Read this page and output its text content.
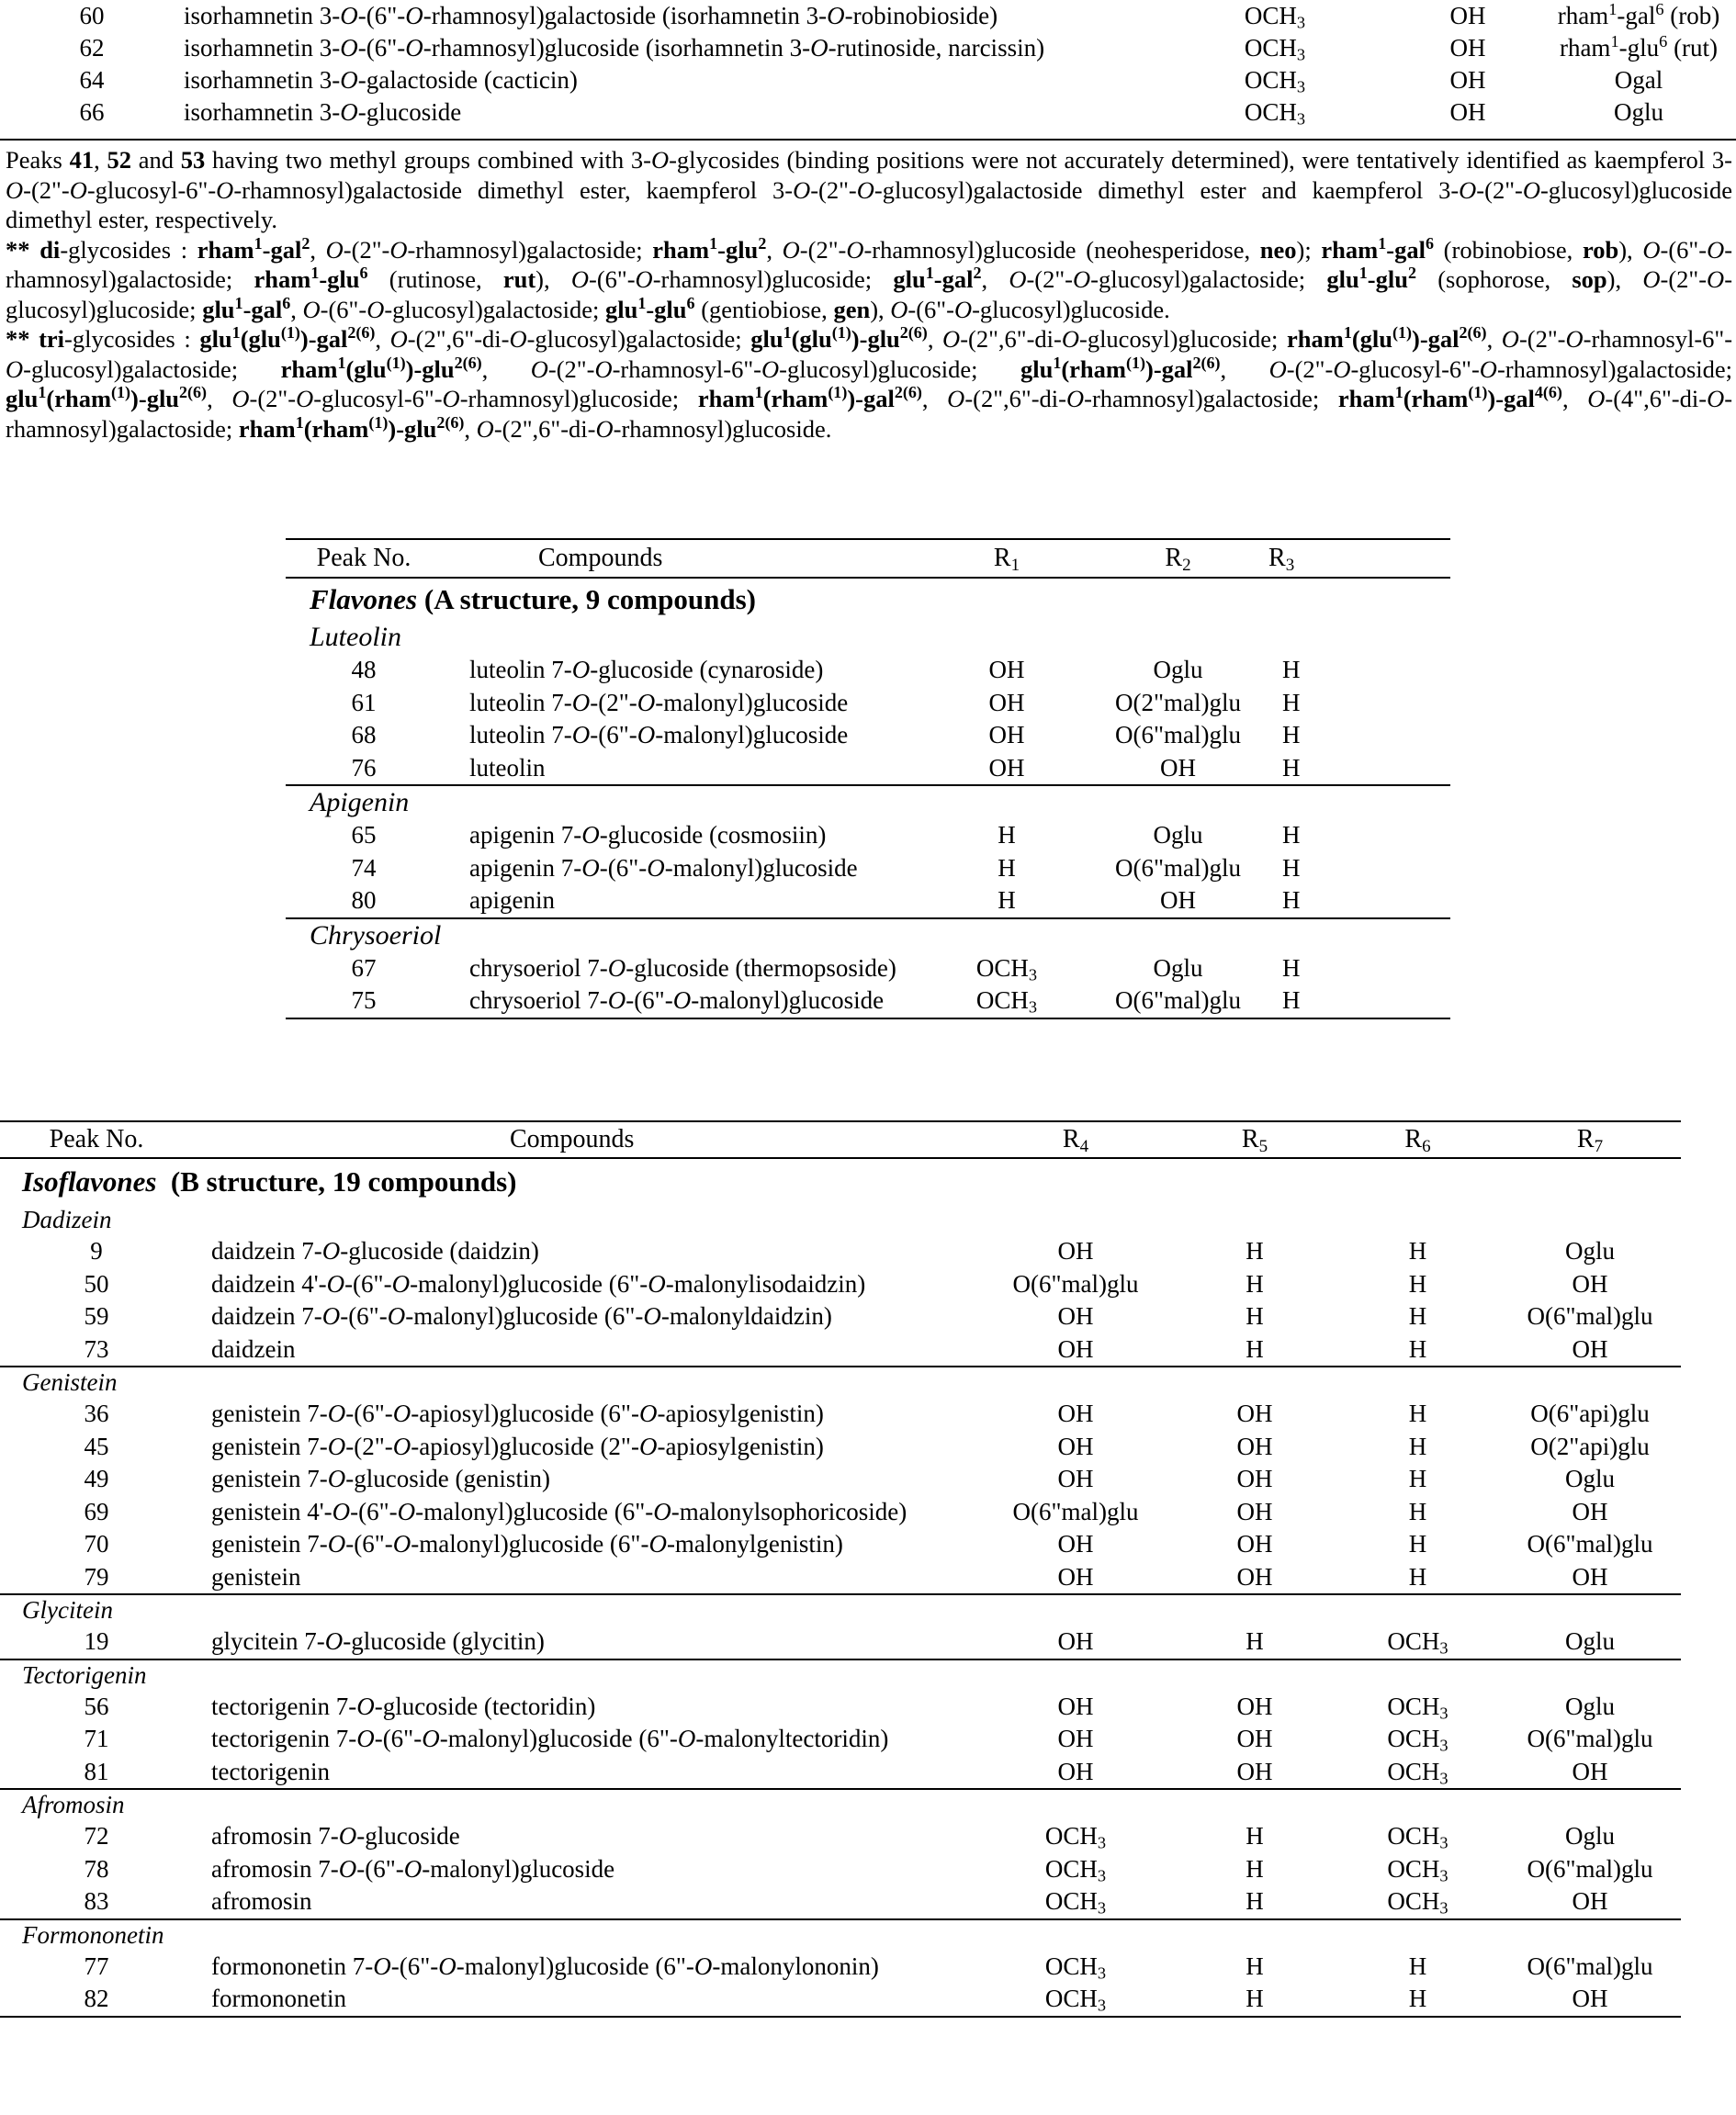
60	isorhamnetin 3-O-(6"-O-rhamnosyl)galactoside (isorhamnetin 3-O-robinobioside)	$OCH_3$	OH	rham$^1$-gal$^6$ (rob)
62	isorhamnetin 3-O-(6"-O-rhamnosyl)glucoside (isorhamnetin 3-O-rutinoside, narcissin)	$OCH_3$	OH	rham$^1$-glu$^6$ (rut)
64	isorhamnetin 3-O-galactoside (cacticin)	$OCH_3$	OH	Ogal
66	isorhamnetin 3-O-glucoside	$OCH_3$	OH	Oglu

Peaks 41, 52 and 53 having two methyl groups combined with 3-O-glycosides (binding positions were not accurately determined), were tentatively identified as kaempferol 3-O-(2"-O-glucosyl-6"-O-rhamnosyl)galactoside dimethyl ester, kaempferol 3-O-(2"-O-glucosyl)galactoside dimethyl ester and kaempferol 3-O-(2"-O-glucosyl)glucoside dimethyl ester, respectively.

** di-glycosides : rham$^1$-gal$^2$, O-(2"-O-rhamnosyl)galactoside; rham$^1$-glu$^2$, O-(2"-O-rhamnosyl)glucoside (neohesperidose, neo); rham$^1$-gal$^6$ (robinobiose, rob), O-(6"-O-rhamnosyl)galactoside; rham$^1$-glu$^6$ (rutinose, rut), O-(6"-O-rhamnosyl)glucoside; glu$^1$-gal$^2$, O-(2"-O-glucosyl)galactoside; glu$^1$-glu$^2$ (sophorose, sop), O-(2"-O-glucosyl)glucoside; glu$^1$-gal$^6$, O-(6"-O-glucosyl)galactoside; glu$^1$-glu$^6$ (gentiobiose, gen), O-(6"-O-glucosyl)glucoside.

** tri-glycosides : glu$^1$(glu$^{(1)}$)-gal$^{2(6)}$, O-(2",6"-di-O-glucosyl)galactoside; glu$^1$(glu$^{(1)}$)-glu$^{2(6)}$, O-(2",6"-di-O-glucosyl)glucoside; rham$^1$(glu$^{(1)}$)-gal$^{2(6)}$, O-(2"-O-rhamnosyl-6"-O-glucosyl)galactoside; rham$^1$(glu$^{(1)}$)-glu$^{2(6)}$, O-(2"-O-rhamnosyl-6"-O-glucosyl)glucoside; glu$^1$(rham$^{(1)}$)-gal$^{2(6)}$, O-(2"-O-glucosyl-6"-O-rhamnosyl)galactoside; glu$^1$(rham$^{(1)}$)-glu$^{2(6)}$, O-(2"-O-glucosyl-6"-O-rhamnosyl)glucoside; rham$^1$(rham$^{(1)}$)-gal$^{2(6)}$, O-(2",6"-di-O-rhamnosyl)galactoside; rham$^1$(rham$^{(1)}$)-gal$^{4(6)}$, O-(4",6"-di-O-rhamnosyl)galactoside; rham$^1$(rham$^{(1)}$)-glu$^{2(6)}$, O-(2",6"-di-O-rhamnosyl)glucoside.

Peak No.	Compounds	$R_1$	$R_2$	$R_3$

Flavones (A structure, 9 compounds)				
Luteolin				
48	luteolin 7-O-glucoside (cynaroside)	OH	Oglu	H
61	luteolin 7-O-(2"-O-malonyl)glucoside	OH	O(2"mal)glu	H
68	luteolin 7-O-(6"-O-malonyl)glucoside	OH	O(6"mal)glu	H
76	luteolin	OH	OH	H

Apigenin				
65	apigenin 7-O-glucoside (cosmosiin)	H	Oglu	H
74	apigenin 7-O-(6"-O-malonyl)glucoside	H	O(6"mal)glu	H
80	apigenin	H	OH	H

Chrysoeriol				
67	chrysoeriol 7-O-glucoside (thermopsoside)	$OCH_3$	Oglu	H
75	chrysoeriol 7-O-(6"-O-malonyl)glucoside	$OCH_3$	O(6"mal)glu	H

Peak No.	Compounds	$R_4$	$R_5$	$R_6$	$R_7$

Isoflavones  (B structure, 19 compounds)					
Dadizein					
9	daidzein 7-O-glucoside (daidzin)	OH	H	H	Oglu
50	daidzein 4'-O-(6"-O-malonyl)glucoside (6"-O-malonylisodaidzin)	O(6"mal)glu	H	H	OH
59	daidzein 7-O-(6"-O-malonyl)glucoside (6"-O-malonyldaidzin)	OH	H	H	O(6"mal)glu
73	daidzein	OH	H	H	OH

Genistein					
36	genistein 7-O-(6"-O-apiosyl)glucoside (6"-O-apiosylgenistin)	OH	OH	H	O(6"api)glu
45	genistein 7-O-(2"-O-apiosyl)glucoside (2"-O-apiosylgenistin)	OH	OH	H	O(2"api)glu
49	genistein 7-O-glucoside (genistin)	OH	OH	H	Oglu
69	genistein 4'-O-(6"-O-malonyl)glucoside (6"-O-malonylsophoricoside)	O(6"mal)glu	OH	H	OH
70	genistein 7-O-(6"-O-malonyl)glucoside (6"-O-malonylgenistin)	OH	OH	H	O(6"mal)glu
79	genistein	OH	OH	H	OH

Glycitein					
19	glycitein 7-O-glucoside (glycitin)	OH	H	$OCH_3$	Oglu

Tectorigenin					
56	tectorigenin 7-O-glucoside (tectoridin)	OH	OH	$OCH_3$	Oglu
71	tectorigenin 7-O-(6"-O-malonyl)glucoside (6"-O-malonyltectoridin)	OH	OH	$OCH_3$	O(6"mal)glu
81	tectorigenin	OH	OH	$OCH_3$	OH

Afromosin					
72	afromosin 7-O-glucoside	$OCH_3$	H	$OCH_3$	Oglu
78	afromosin 7-O-(6"-O-malonyl)glucoside	$OCH_3$	H	$OCH_3$	O(6"mal)glu
83	afromosin	$OCH_3$	H	$OCH_3$	OH

Formononetin					
77	formononetin 7-O-(6"-O-malonyl)glucoside (6"-O-malonylononin)	$OCH_3$	H	H	O(6"mal)glu
82	formononetin	$OCH_3$	H	H	OH
